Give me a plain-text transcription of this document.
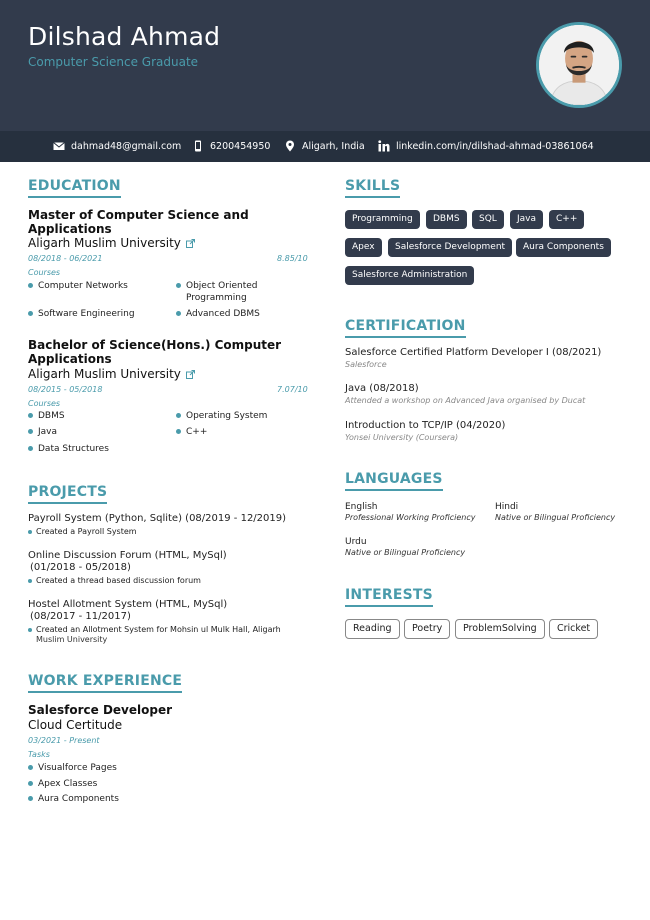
Dilshad Ahmad
Computer Science Graduate
dahmad48@gmail.com	6200454950	Aligarh, India	linkedin.com/in/dilshad-ahmad-03861064
EDUCATION
Master of Computer Science and
Applications
Aligarh Muslim University
08/2018 - 06/2021	8.85/10
Courses
Computer Networks	Object Oriented
Programming
Software Engineering	Advanced DBMS
Bachelor of Science(Hons.) Computer
Applications
Aligarh Muslim University
08/2015 - 05/2018	7.07/10
Courses
DBMS	Operating System
Java	C++
Data Structures
PROJECTS
Payroll System (Python, Sqlite) (08/2019 - 12/2019)
Created a Payroll System
Online Discussion Forum (HTML, MySql)
(01/2018 - 05/2018)
Created a thread based discussion forum
Hostel Allotment System (HTML, MySql)
(08/2017 - 11/2017)
Created an Allotment System for Mohsin ul Mulk Hall, Aligarh
Muslim University
WORK EXPERIENCE
Salesforce Developer
Cloud Certitude
03/2021 - Present
Tasks
Visualforce Pages
Apex Classes
Aura Components
SKILLS
Programming	DBMS	SQL	Java	C++
Apex	Salesforce Development	Aura Components
Salesforce Administration
CERTIFICATION
Salesforce Certified Platform Developer I (08/2021)
Salesforce
Java (08/2018)
Attended a workshop on Advanced Java organised by Ducat
Introduction to TCP/IP (04/2020)
Yonsei University (Coursera)
LANGUAGES
English
Professional Working Proficiency
Hindi
Native or Bilingual Proficiency
Urdu
Native or Bilingual Proficiency
INTERESTS
Reading	Poetry	ProblemSolving	Cricket
